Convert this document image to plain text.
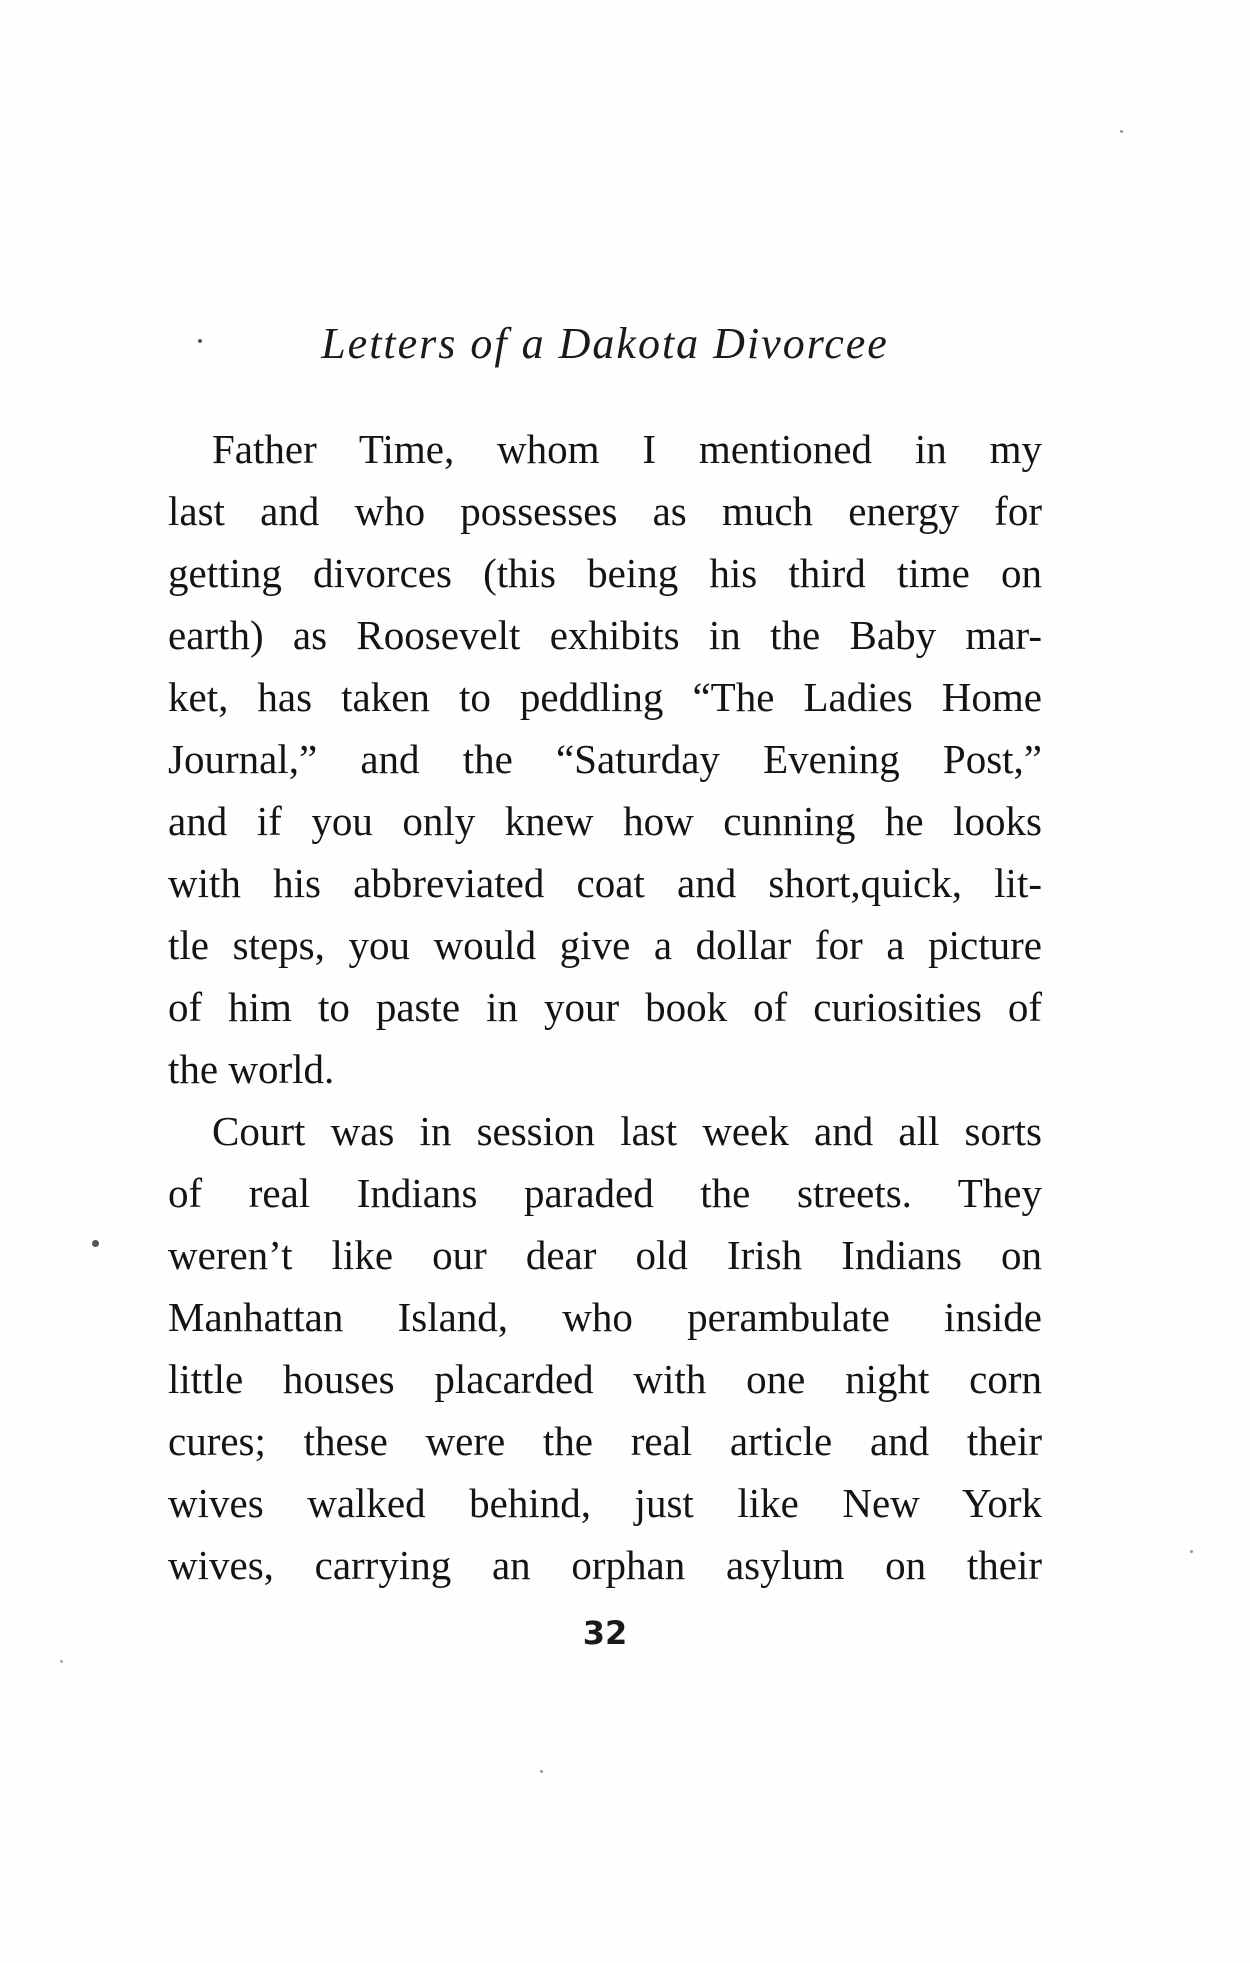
Letters of a Dakota Divorcee
Father Time, whom I mentioned in my
last and who possesses as much energy for
getting divorces (this being his third time on
earth) as Roosevelt exhibits in the Baby mar-
ket, has taken to peddling “The Ladies Home
Journal,” and the “Saturday Evening Post,”
and if you only knew how cunning he looks
with his abbreviated coat and short,quick, lit-
tle steps, you would give a dollar for a picture
of him to paste in your book of curiosities of
the world.
Court was in session last week and all sorts
of real Indians paraded the streets. They
weren’t like our dear old Irish Indians on
Manhattan Island, who perambulate inside
little houses placarded with one night corn
cures; these were the real article and their
wives walked behind, just like New York
wives, carrying an orphan asylum on their
32
